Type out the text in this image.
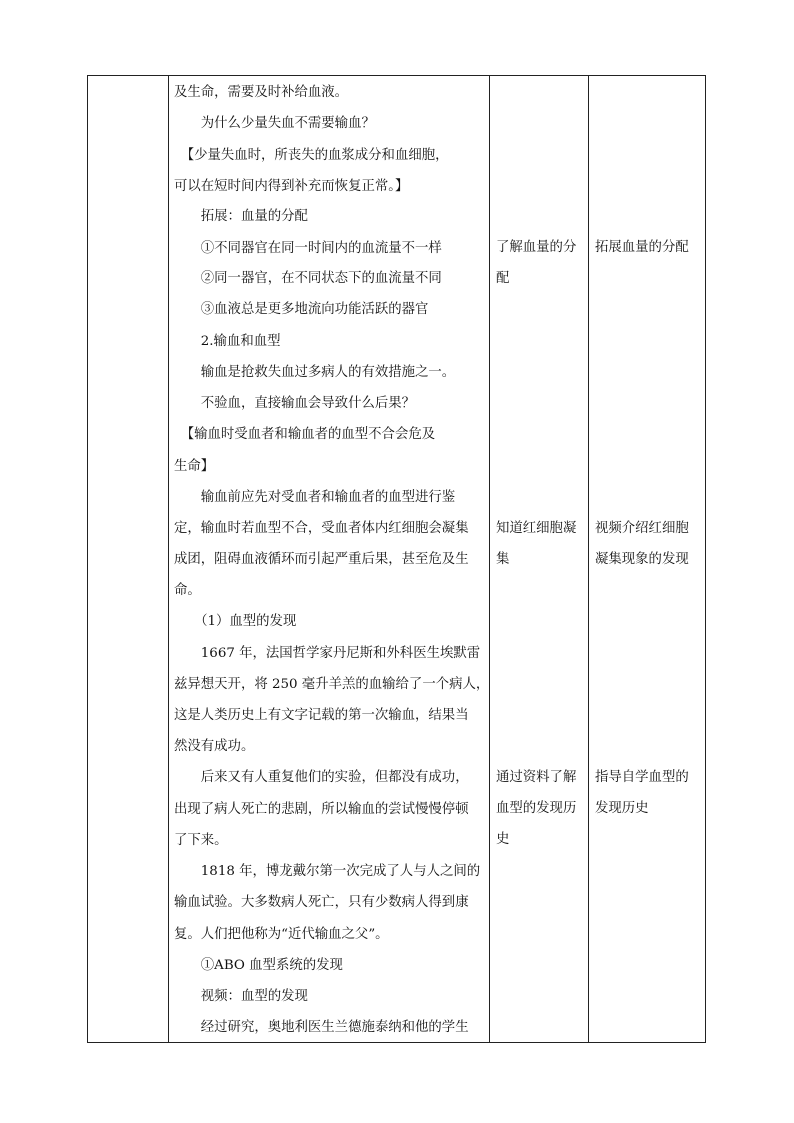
及生命，需要及时补给血液。
　　为什么少量失血不需要输血？
　【少量失血时，所丧失的血浆成分和血细胞，
可以在短时间内得到补充而恢复正常。】
　　拓展：血量的分配
　　①不同器官在同一时间内的血流量不一样
　　②同一器官，在不同状态下的血流量不同
　　③血液总是更多地流向功能活跃的器官
　　2.输血和血型
　　输血是抢救失血过多病人的有效措施之一。
　　不验血，直接输血会导致什么后果？
　【输血时受血者和输血者的血型不合会危及
生命】
　　输血前应先对受血者和输血者的血型进行鉴
定，输血时若血型不合，受血者体内红细胞会凝集
成团，阻碍血液循环而引起严重后果，甚至危及生
命。
　　（1）血型的发现
　　1667 年，法国哲学家丹尼斯和外科医生埃默雷
兹异想天开，将 250 毫升羊羔的血输给了一个病人，
这是人类历史上有文字记载的第一次输血，结果当
然没有成功。
　　后来又有人重复他们的实验，但都没有成功，
出现了病人死亡的悲剧，所以输血的尝试慢慢停顿
了下来。
　　1818 年，博龙戴尔第一次完成了人与人之间的
输血试验。大多数病人死亡，只有少数病人得到康
复。人们把他称为“近代输血之父”。
　　①ABO 血型系统的发现
　　视频：血型的发现
　　经过研究，奥地利医生兰德施泰纳和他的学生
了解血量的分
配
知道红细胞凝
集
通过资料了解
血型的发现历
史
拓展血量的分配
视频介绍红细胞
凝集现象的发现
指导自学血型的
发现历史
